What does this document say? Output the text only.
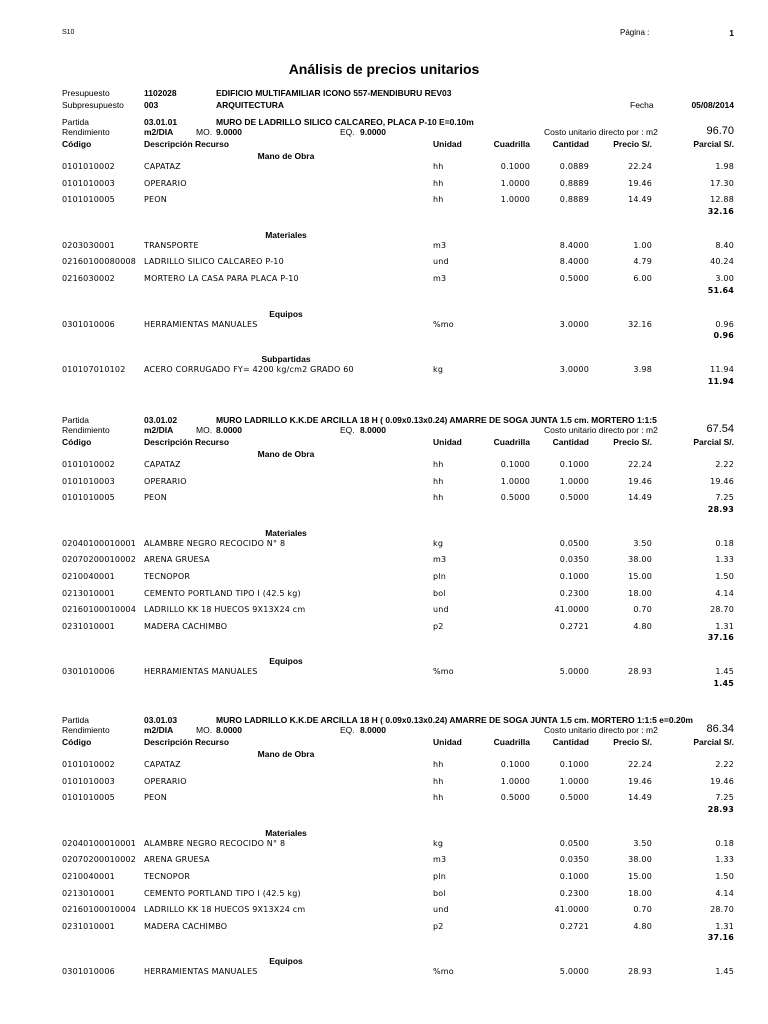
S10	Página :	1
Análisis de precios unitarios
Presupuesto	1102028	EDIFICIO MULTIFAMILIAR ICONO 557-MENDIBURU REV03
Subpresupuesto 003	ARQUITECTURA	Fecha	05/08/2014
Partida	03.01.01	MURO DE LADRILLO SILICO CALCAREO, PLACA P-10 E=0.10m
Rendimiento	m2/DIA	MO. 9.0000	EQ. 9.0000	Costo unitario directo por : m2	96.70
Código	Descripción Recurso	Unidad	Cuadrilla	Cantidad	Precio S/.	Parcial S/.
Mano de Obra
0101010002	CAPATAZ	hh	0.1000	0.0889	22.24	1.98
0101010003	OPERARIO	hh	1.0000	0.8889	19.46	17.30
0101010005	PEON	hh	1.0000	0.8889	14.49	12.88
32.16
Materiales
0203030001	TRANSPORTE	m3	8.4000	1.00	8.40
02160100080008 LADRILLO SILICO CALCAREO P-10	und	8.4000	4.79	40.24
0216030002	MORTERO LA CASA PARA PLACA P-10	m3	0.5000	6.00	3.00
51.64
Equipos
0301010006	HERRAMIENTAS MANUALES	%mo	3.0000	32.16	0.96
0.96
Subpartidas
010107010102 ACERO CORRUGADO FY= 4200 kg/cm2 GRADO 60	kg	3.0000	3.98	11.94
11.94
Partida	03.01.02	MURO LADRILLO K.K.DE ARCILLA 18 H ( 0.09x0.13x0.24) AMARRE DE SOGA JUNTA 1.5 cm. MORTERO 1:1:5
Rendimiento	m2/DIA	MO. 8.0000	EQ. 8.0000	Costo unitario directo por : m2	67.54
Código	Descripción Recurso	Unidad	Cuadrilla	Cantidad	Precio S/.	Parcial S/.
Mano de Obra
0101010002	CAPATAZ	hh	0.1000	0.1000	22.24	2.22
0101010003	OPERARIO	hh	1.0000	1.0000	19.46	19.46
0101010005	PEON	hh	0.5000	0.5000	14.49	7.25
28.93
Materiales
02040100010001 ALAMBRE NEGRO RECOCIDO N° 8	kg	0.0500	3.50	0.18
02070200010002 ARENA GRUESA	m3	0.0350	38.00	1.33
0210040001	TECNOPOR	pln	0.1000	15.00	1.50
0213010001	CEMENTO PORTLAND TIPO I (42.5 kg)	bol	0.2300	18.00	4.14
02160100010004 LADRILLO KK 18 HUECOS 9X13X24 cm	und	41.0000	0.70	28.70
0231010001	MADERA CACHIMBO	p2	0.2721	4.80	1.31
37.16
Equipos
0301010006	HERRAMIENTAS MANUALES	%mo	5.0000	28.93	1.45
1.45
Partida	03.01.03	MURO LADRILLO K.K.DE ARCILLA 18 H ( 0.09x0.13x0.24) AMARRE DE SOGA JUNTA 1.5 cm. MORTERO 1:1:5 e=0.20m
Rendimiento	m2/DIA	MO. 8.0000	EQ. 8.0000	Costo unitario directo por : m2	86.34
Código	Descripción Recurso	Unidad	Cuadrilla	Cantidad	Precio S/.	Parcial S/.
Mano de Obra
0101010002	CAPATAZ	hh	0.1000	0.1000	22.24	2.22
0101010003	OPERARIO	hh	1.0000	1.0000	19.46	19.46
0101010005	PEON	hh	0.5000	0.5000	14.49	7.25
28.93
Materiales
02040100010001 ALAMBRE NEGRO RECOCIDO N° 8	kg	0.0500	3.50	0.18
02070200010002 ARENA GRUESA	m3	0.0350	38.00	1.33
0210040001	TECNOPOR	pln	0.1000	15.00	1.50
0213010001	CEMENTO PORTLAND TIPO I (42.5 kg)	bol	0.2300	18.00	4.14
02160100010004 LADRILLO KK 18 HUECOS 9X13X24 cm	und	41.0000	0.70	28.70
0231010001	MADERA CACHIMBO	p2	0.2721	4.80	1.31
37.16
Equipos
0301010006	HERRAMIENTAS MANUALES	%mo	5.0000	28.93	1.45
